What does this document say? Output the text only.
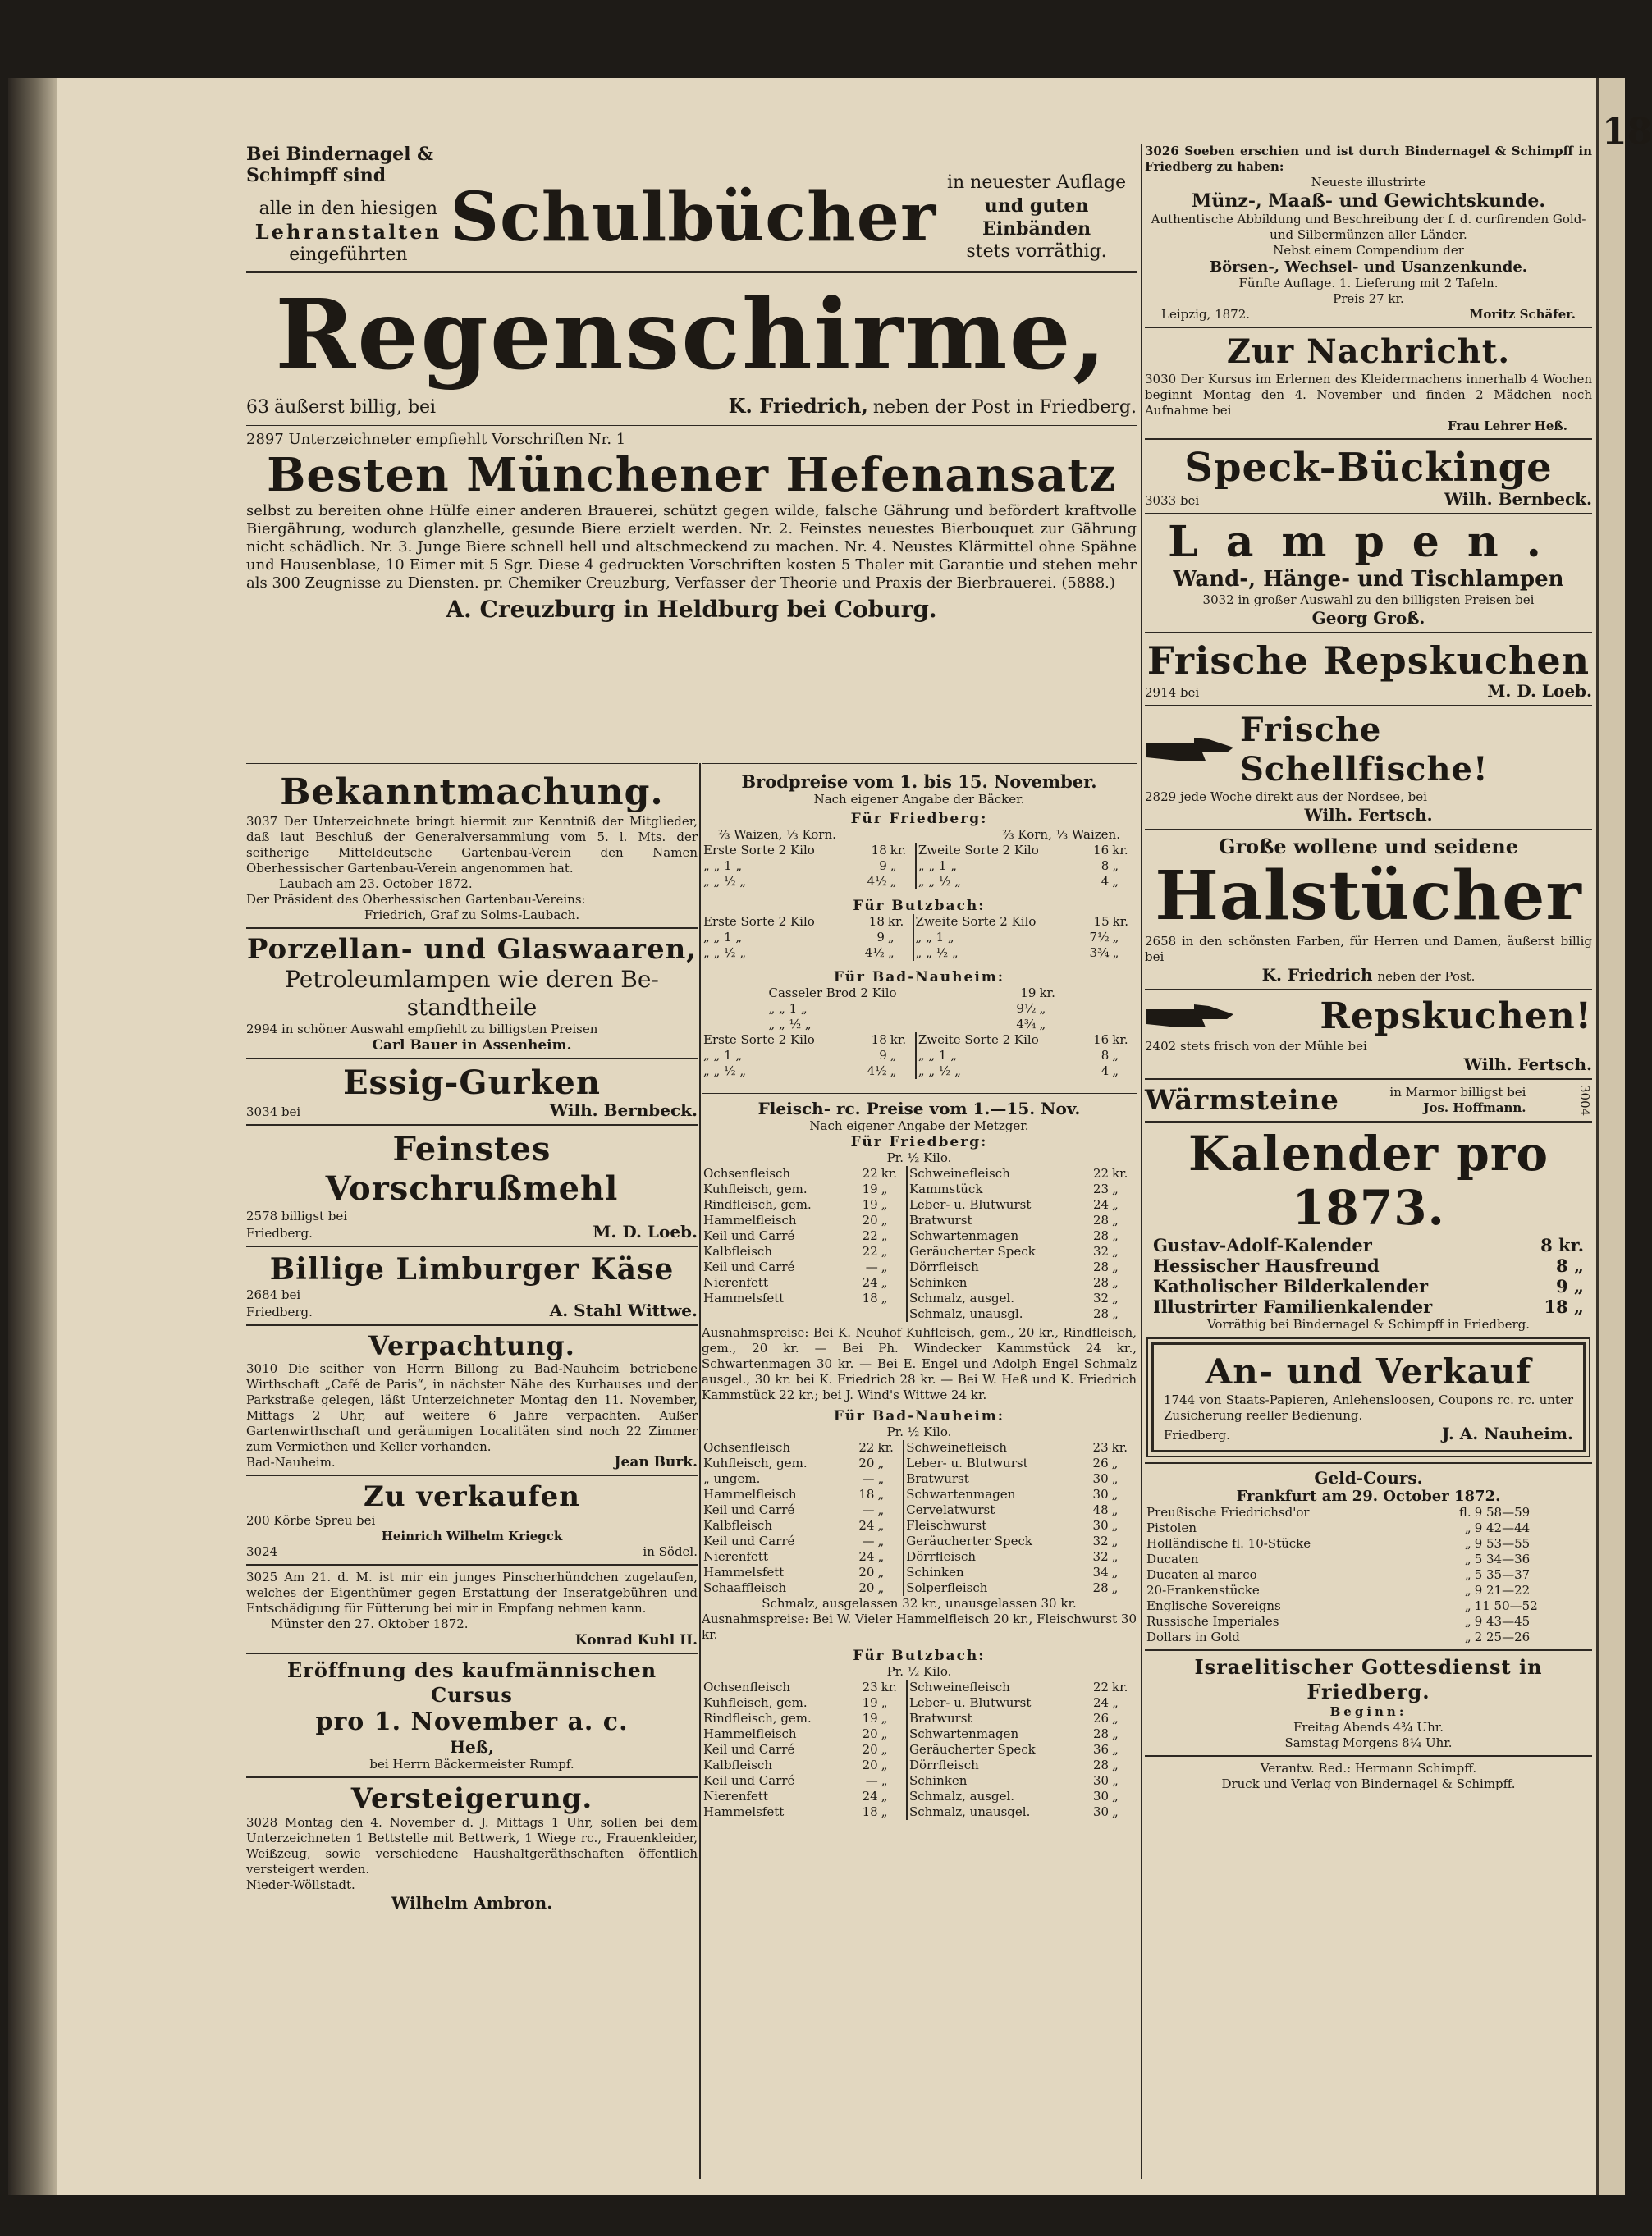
18
Bei Bindernagel & Schimpff sind
alle in den hiesigen
Lehranstalten
eingeführten Schulbücher in neuester Auflage
und guten Einbänden
stets vorräthig.
Regenschirme,
63 äußerst billig, bei	K. Friedrich, neben der Post in Friedberg.
2897 Unterzeichneter empfiehlt Vorschriften Nr. 1
Besten Münchener Hefenansatz
selbst zu bereiten ohne Hülfe einer anderen Brauerei, schützt gegen wilde, falsche Gährung und befördert kraftvolle Biergährung, wodurch glanzhelle, gesunde Biere erzielt werden. Nr. 2. Feinstes neuestes Bierbouquet zur Gährung nicht schädlich. Nr. 3. Junge Biere schnell hell und altschmeckend zu machen. Nr. 4. Neustes Klärmittel ohne Spähne und Hausenblase, 10 Eimer mit 5 Sgr. Diese 4 gedruckten Vorschriften kosten 5 Thaler mit Garantie und stehen mehr als 300 Zeugnisse zu Diensten. pr. Chemiker Creuzburg, Verfasser der Theorie und Praxis der Bierbrauerei. (5888.)
A. Creuzburg in Heldburg bei Coburg.
Bekanntmachung.
3037 Der Unterzeichnete bringt hiermit zur Kenntniß der Mitglieder, daß laut Beschluß der Generalversammlung vom 5. l. Mts. der seitherige Mitteldeutsche Gartenbau-Verein den Namen Oberhessischer Gartenbau-Verein angenommen hat.
Laubach am 23. October 1872.
Der Präsident des Oberhessischen Gartenbau-Vereins:
Friedrich, Graf zu Solms-Laubach.
Porzellan- und Glaswaaren,
Petroleumlampen wie deren Be-
standtheile
2994 in schöner Auswahl empfiehlt zu billigsten Preisen
Carl Bauer in Assenheim.
Essig-Gurken
3034 bei	Wilh. Bernbeck.
Feinstes Vorschrußmehl
2578 billigst bei
Friedberg.	M. D. Loeb.
Billige Limburger Käse
2684 bei
Friedberg.	A. Stahl Wittwe.
Verpachtung.
3010 Die seither von Herrn Billong zu Bad-Nauheim betriebene Wirthschaft „Café de Paris“, in nächster Nähe des Kurhauses und der Parkstraße gelegen, läßt Unterzeichneter Montag den 11. November, Mittags 2 Uhr, auf weitere 6 Jahre verpachten. Außer Gartenwirthschaft und geräumigen Localitäten sind noch 22 Zimmer zum Vermiethen und Keller vorhanden.
Bad-Nauheim.	Jean Burk.
Zu verkaufen
200 Körbe Spreu bei
Heinrich Wilhelm Kriegck
3024	in Södel.
3025 Am 21. d. M. ist mir ein junges Pinscherhündchen zugelaufen, welches der Eigenthümer gegen Erstattung der Inseratgebühren und Entschädigung für Fütterung bei mir in Empfang nehmen kann.
Münster den 27. Oktober 1872.
Konrad Kuhl II.
Eröffnung des kaufmännischen Cursus
pro 1. November a. c.
Heß,
bei Herrn Bäckermeister Rumpf.
Versteigerung.
3028 Montag den 4. November d. J. Mittags 1 Uhr, sollen bei dem Unterzeichneten 1 Bettstelle mit Bettwerk, 1 Wiege rc., Frauenkleider, Weißzeug, sowie verschiedene Haushaltgeräthschaften öffentlich versteigert werden.
Nieder-Wöllstadt.
Wilhelm Ambron.
Brodpreise vom 1. bis 15. November.
Nach eigener Angabe der Bäcker.
Für Friedberg:
⅔ Waizen, ⅓ Korn.	⅔ Korn, ⅓ Waizen.
Erste Sorte 2 Kilo	18	kr.	Zweite Sorte 2 Kilo	16	kr.
„ „ 1 „	9	„	„ „ 1 „	8	„
„ „ ½ „	4½	„	„ „ ½ „	4	„
Für Butzbach:
Erste Sorte 2 Kilo	18	kr.	Zweite Sorte 2 Kilo	15	kr.
„ „ 1 „	9	„	„ „ 1 „	7½	„
„ „ ½ „	4½	„	„ „ ½ „	3¾	„
Für Bad-Nauheim:
Casseler Brod 2 Kilo	19	kr.
„ „ 1 „	9½	„
„ „ ½ „	4¾	„
Erste Sorte 2 Kilo	18	kr.	Zweite Sorte 2 Kilo	16	kr.
„ „ 1 „	9	„	„ „ 1 „	8	„
„ „ ½ „	4½	„	„ „ ½ „	4	„
Fleisch- rc. Preise vom 1.—15. Nov.
Nach eigener Angabe der Metzger.
Für Friedberg:
Pr. ½ Kilo.
Ochsenfleisch	22	kr.	Schweinefleisch	22	kr.
Kuhfleisch, gem.	19	„	Kammstück	23	„
Rindfleisch, gem.	19	„	Leber- u. Blutwurst	24	„
Hammelfleisch	20	„	Bratwurst	28	„
Keil und Carré	22	„	Schwartenmagen	28	„
Kalbfleisch	22	„	Geräucherter Speck	32	„
Keil und Carré	—	„	Dörrfleisch	28	„
Nierenfett	24	„	Schinken	28	„
Hammelsfett	18	„	Schmalz, ausgel.	32	„
			Schmalz, unausgl.	28	„
Ausnahmspreise: Bei K. Neuhof Kuhfleisch, gem., 20 kr., Rindfleisch, gem., 20 kr. — Bei Ph. Windecker Kammstück 24 kr., Schwartenmagen 30 kr. — Bei E. Engel und Adolph Engel Schmalz ausgel., 30 kr. bei K. Friedrich 28 kr. — Bei W. Heß und K. Friedrich Kammstück 22 kr.; bei J. Wind's Wittwe 24 kr.
Für Bad-Nauheim:
Pr. ½ Kilo.
Ochsenfleisch	22	kr.	Schweinefleisch	23	kr.
Kuhfleisch, gem.	20	„	Leber- u. Blutwurst	26	„
„ ungem.	—	„	Bratwurst	30	„
Hammelfleisch	18	„	Schwartenmagen	30	„
Keil und Carré	—	„	Cervelatwurst	48	„
Kalbfleisch	24	„	Fleischwurst	30	„
Keil und Carré	—	„	Geräucherter Speck	32	„
Nierenfett	24	„	Dörrfleisch	32	„
Hammelsfett	20	„	Schinken	34	„
Schaaffleisch	20	„	Solperfleisch	28	„
Schmalz, ausgelassen 32 kr., unausgelassen 30 kr.
Ausnahmspreise: Bei W. Vieler Hammelfleisch 20 kr., Fleischwurst 30 kr.
Für Butzbach:
Pr. ½ Kilo.
Ochsenfleisch	23	kr.	Schweinefleisch	22	kr.
Kuhfleisch, gem.	19	„	Leber- u. Blutwurst	24	„
Rindfleisch, gem.	19	„	Bratwurst	26	„
Hammelfleisch	20	„	Schwartenmagen	28	„
Keil und Carré	20	„	Geräucherter Speck	36	„
Kalbfleisch	20	„	Dörrfleisch	28	„
Keil und Carré	—	„	Schinken	30	„
Nierenfett	24	„	Schmalz, ausgel.	30	„
Hammelsfett	18	„	Schmalz, unausgel.	30	„
3026 Soeben erschien und ist durch Bindernagel & Schimpff in Friedberg zu haben:
Neueste illustrirte
Münz-, Maaß- und Gewichtskunde.
Authentische Abbildung und Beschreibung der f. d. curfirenden Gold- und Silbermünzen aller Länder.
Nebst einem Compendium der
Börsen-, Wechsel- und Usanzenkunde.
Fünfte Auflage. 1. Lieferung mit 2 Tafeln.
Preis 27 kr.
Leipzig, 1872.	Moritz Schäfer.
Zur Nachricht.
3030 Der Kursus im Erlernen des Kleidermachens innerhalb 4 Wochen beginnt Montag den 4. November und finden 2 Mädchen noch Aufnahme bei
Frau Lehrer Heß.
Speck-Bückinge
3033 bei	Wilh. Bernbeck.
Lampen.
Wand-, Hänge- und Tischlampen
3032 in großer Auswahl zu den billigsten Preisen bei
Georg Groß.
Frische Repskuchen
2914 bei	M. D. Loeb.
Frische Schellfische!
2829 jede Woche direkt aus der Nordsee, bei
Wilh. Fertsch.
Große wollene und seidene
Halstücher
2658 in den schönsten Farben, für Herren und Damen, äußerst billig bei
K. Friedrich neben der Post.
Repskuchen!
2402 stets frisch von der Mühle bei
Wilh. Fertsch.
Wärmsteine	in Marmor billigst bei
Jos. Hoffmann.	3004
Kalender pro 1873.
Gustav-Adolf-Kalender	8 kr.
Hessischer Hausfreund	8 „
Katholischer Bilderkalender	9 „
Illustrirter Familienkalender	18 „
Vorräthig bei Bindernagel & Schimpff in Friedberg.
An- und Verkauf
1744 von Staats-Papieren, Anlehensloosen, Coupons rc. rc. unter Zusicherung reeller Bedienung.
Friedberg.	J. A. Nauheim.
Geld-Cours.
Frankfurt am 29. October 1872.
Preußische Friedrichsd'or	fl.	9 58—59
Pistolen	„	9 42—44
Holländische fl. 10-Stücke	„	9 53—55
Ducaten	„	5 34—36
Ducaten al marco	„	5 35—37
20-Frankenstücke	„	9 21—22
Englische Sovereigns	„	11 50—52
Russische Imperiales	„	9 43—45
Dollars in Gold	„	2 25—26
Israelitischer Gottesdienst in Friedberg.
Beginn:
Freitag Abends 4¾ Uhr.
Samstag Morgens 8¼ Uhr.
Verantw. Red.: Hermann Schimpff.
Druck und Verlag von Bindernagel & Schimpff.
